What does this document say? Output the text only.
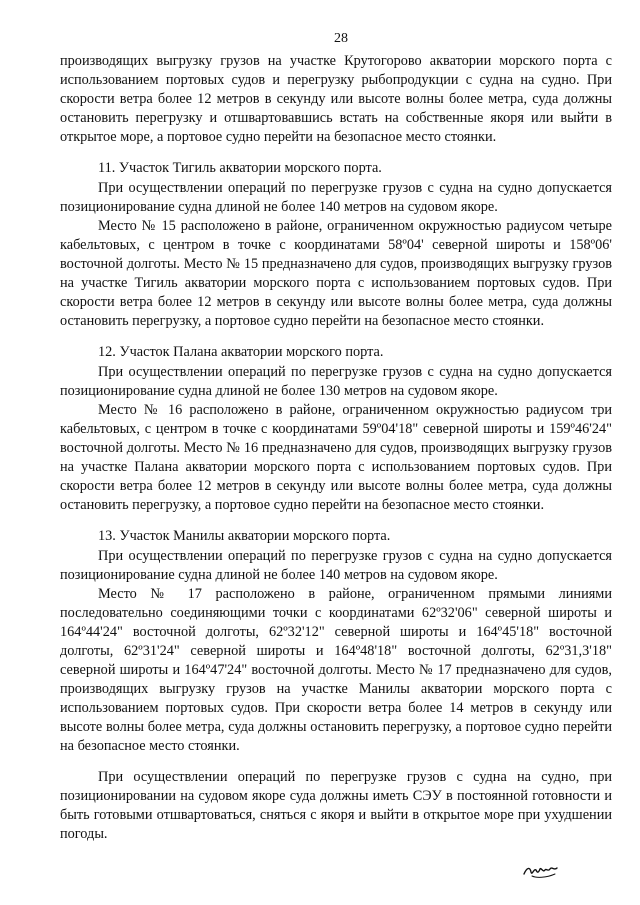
28

производящих выгрузку грузов на участке Крутогорово акватории морского порта с использованием портовых судов и перегрузку рыбопродукции с судна на судно. При скорости ветра более 12 метров в секунду или высоте волны более метра, суда должны остановить перегрузку и отшвартовавшись встать на собственные якоря или выйти в открытое море, а портовое судно перейти на безопасное место стоянки.

11. Участок Тигиль акватории морского порта.

При осуществлении операций по перегрузке грузов с судна на судно допускается позиционирование судна длиной не более 140 метров на судовом якоре.

Место № 15 расположено в районе, ограниченном окружностью радиусом четыре кабельтовых, с центром в точке с координатами 58º04' северной широты и 158º06' восточной долготы. Место № 15 предназначено для судов, производящих выгрузку грузов на участке Тигиль акватории морского порта с использованием портовых судов. При скорости ветра более 12 метров в секунду или высоте волны более метра, суда должны остановить перегрузку, а портовое судно перейти на безопасное место стоянки.

12. Участок Палана акватории морского порта.

При осуществлении операций по перегрузке грузов с судна на судно допускается позиционирование судна длиной не более 130 метров на судовом якоре.

Место № 16 расположено в районе, ограниченном окружностью радиусом три кабельтовых, с центром в точке с координатами 59º04'18" северной широты и 159º46'24" восточной долготы. Место № 16 предназначено для судов, производящих выгрузку грузов на участке Палана акватории морского порта с использованием портовых судов. При скорости ветра более 12 метров в секунду или высоте волны более метра, суда должны остановить перегрузку, а портовое судно перейти на безопасное место стоянки.

13. Участок Манилы акватории морского порта.

При осуществлении операций по перегрузке грузов с судна на судно допускается позиционирование судна длиной не более 140 метров на судовом якоре.

Место № 17 расположено в районе, ограниченном прямыми линиями последовательно соединяющими точки с координатами 62º32'06" северной широты и 164º44'24" восточной долготы, 62º32'12" северной широты и 164º45'18" восточной долготы, 62º31'24" северной широты и 164º48'18" восточной долготы, 62º31,3'18" северной широты и 164º47'24" восточной долготы. Место № 17 предназначено для судов, производящих выгрузку грузов на участке Манилы акватории морского порта с использованием портовых судов. При скорости ветра более 14 метров в секунду или высоте волны более метра, суда должны остановить перегрузку, а портовое судно перейти на безопасное место стоянки.

При осуществлении операций по перегрузке грузов с судна на судно, при позиционировании на судовом якоре суда должны иметь СЭУ в постоянной готовности и быть готовыми отшвартоваться, сняться с якоря и выйти в открытое море при ухудшении погоды.
